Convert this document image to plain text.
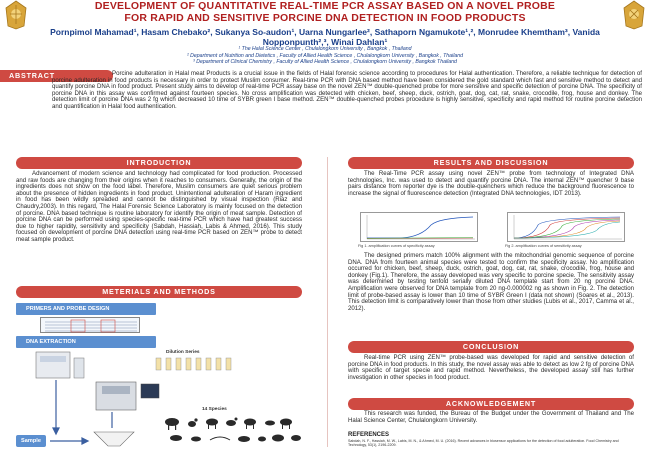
DEVELOPMENT OF QUANTITATIVE REAL-TIME PCR ASSAY BASED ON A NOVEL PROBE
FOR RAPID AND SENSITIVE PORCINE DNA DETECTION IN FOOD PRODUCTS
Pornpimol Mahamad¹, Hasam Chebako², Sukanya So-audon¹, Uarna Nungarlee², Sathaporn Ngamukote¹,², Monrudee Khemtham³, Vanida Nopponpunth²,³, Winai Dahlan¹
¹ The Halal Science Center , Chulalongkorn University , Bangkok , Thailand
² Department of Nutrition and Dietetics , Faculty of Allied Health Science , Chulalongkorn University , Bangkok , Thailand
³ Department of Clinical Chemistry , Faculty of Allied Health Science , Chulalongkorn University , Bangkok Thailand
ABSTRACT	Porcine adulteration in Halal meat Products is a crucial issue in the fields of Halal forensic science according to procedures for Halal authentication. Therefore, a reliable technique for detection of porcine adulteration in food products is necessary in order to protect Muslim consumer. Real-time PCR with DNA based method have been considered the gold standard which fast and sensitive method to detect and quantify porcine DNA in food product. Present study aims to develop of real-time PCR assay base on the novel ZEN™ double-quenched probe for more sensitive and specific detection of porcine DNA. The specificity of porcine DNA in this assay was confirmed against fourteen species. No cross amplification was detected with chicken, beef, sheep, duck, ostrich, goat, dog, cat, rat, snake, crocodile, frog, house and donkey. The detection limit of porcine DNA was 2 fg which decreased 10 time of SYBR green I base method. ZEN™ double-quenched probes procedure is highly sensitive, specificity and rapid method for routine porcine detection and quantification in Halal food authentication.
INTRODUCTION
Advancement of modern science and technology had complicated for food production. Processed and raw foods are changing from their origins when it reaches to consumers. Generally, the origin of the ingredients does not show on the food label. Therefore, Muslim consumers are quiet serious problem about the presence of hidden ingredients in food product. Unintentional adulteration of Haram ingredient in food has been wildly spreaded and cannot be distinguished by visual inspection (Riaz and Chaudry,2003). In this regard, The Halal Forensic Science Laboratory is mainly focused on the detection of porcine. DNA based technique is routine laboratory for identify the origin of meat sample. Detection of porcine DNA can be performed using species-specific real-time PCR which have had greatest success due to higher rapidity, sensitivity and specificity (Sabdah, Hassiah, Labis & Ahmed, 2016). This study focused on development of porcine DNA detection using real-time PCR based on ZEN™ probe to detect meat sample product.
METERIALS AND METHODS
PRIMERS AND PROBE DESIGN
DNA EXTRACTION
Dilution Series
14 Species
Sample
RESULTS AND DISCUSSION
The Real-Time PCR assay using novel ZEN™ probe from technology of Integrated DNA technologies, Inc. was used to detect and quantify porcine DNA. The internal ZEN™ quencher 9 base pairs distance from reporter dye is the double-quenchers which reduce the background fluorescence to increase the signal of fluorescence detection (Integrated DNA technologies, IDT 2013).
Fig 1. amplification curves of specificity assay	Fig 2. amplification curves of sensitivity assay
The designed primers match 100% alignment with the mitochondrial genomic sequence of porcine DNA. DNA from fourteen animal species were tested to confirm the specificity assay. No amplification occurred for chicken, beef, sheep, duck, ostrich, goat, dog, cat, rat, snake, crocodile, frog, house and donkey (Fig.1). Therefore, the assay developed was very specific to porcine specie. The sensitivity assay was determined by testing tenfold serially diluted DNA template start from 20 ng porcine DNA. Amplification were observed for DNA template from 20 ng-0.000002 ng as shown in Fig. 2. The detection limit of probe-based assay is lower than 10 time of SYBR Green I (data not shown) (Soares et al., 2013). This detection limit is comparatively lower than those from other studies (Lubis et al., 2017, Camma et al., 2012).
CONCLUSION
Real-time PCR using ZEN™ probe-based was developed for rapid and sensitive detection of porcine DNA in food products. In this study, the novel assay was able to detect as low 2 fg of porcine DNA with specific of target specie and rapid method. Nevertheless, the developed assay still has further investigation in other species in food product.
ACKNOWLEDGEMENT
This research was funded, the Bureau of the Budget under the Government of Thailand and The Halal Science Center, Chulalongkorn University.
REFERENCES
Sabdah, N. F., Hassiah, M. W., Labis, M. N., & Ahmed, M. U. (2016). Recent advances in biosensor applications for the detection of food adulteration. Food Chemistry and Technology, 53(1), 2196-2209.
